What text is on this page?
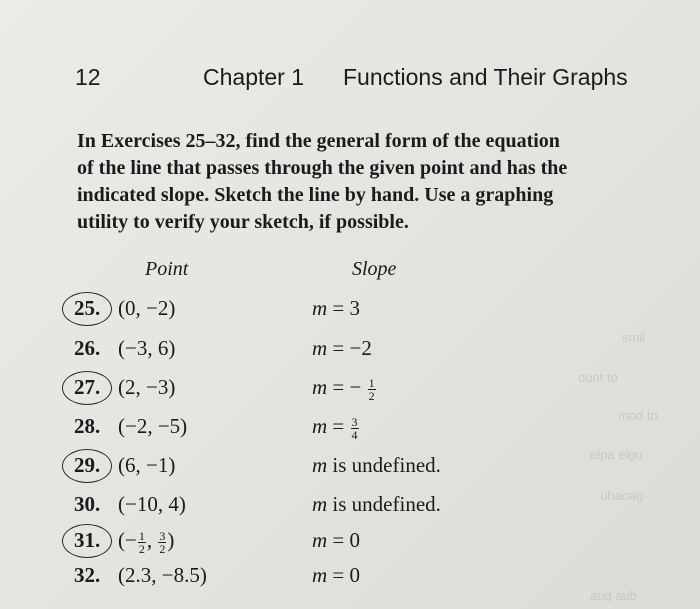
12	Chapter 1 Functions and Their Graphs
smil
ount to
mod to
elpa elgu
ubaoag
auq aub
In Exercises 25–32, find the general form of the equation
of the line that passes through the given point and has the
indicated slope. Sketch the line by hand. Use a graphing
utility to verify your sketch, if possible.
Point	Slope
25. (0, −2)	m = 3
26. (−3, 6)	m = −2
27. (2, −3)	m = − $\frac{1}{2}$
28. (−2, −5)	$m = \frac{3}{4}$
29. (6, −1)	m is undefined.
30. (−10, 4)	m is undefined.
31. (− $\frac{1}{2}$ , $\frac{3}{2}$ )	m = 0
32. (2.3, −8.5)	m = 0
